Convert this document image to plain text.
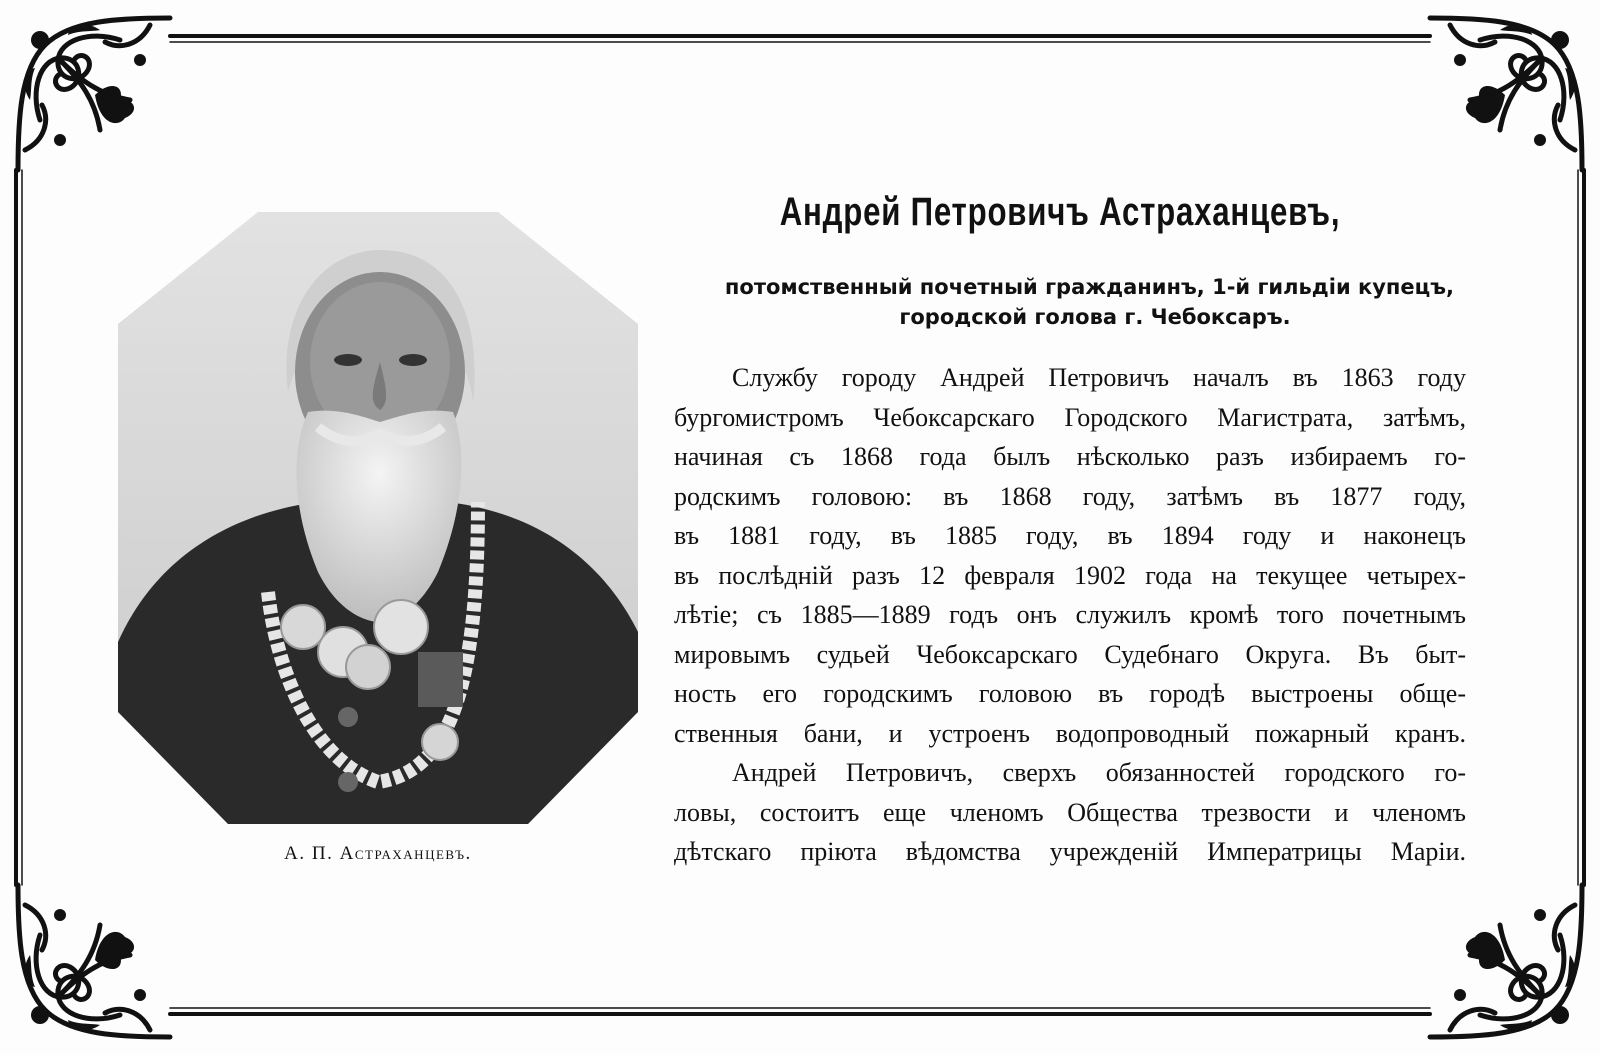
А. П. Астраханцевъ.
Андрей Петровичъ Астраханцевъ,
потомственный почетный гражданинъ, 1-й гильдiи купецъ,
городской голова г. Чебоксаръ.
Службу городу Андрей Петровичъ началъ въ 1863 году
бургомистромъ Чебоксарскаго Городского Магистрата, затѣмъ,
начиная съ 1868 года былъ нѣсколько разъ избираемъ го-
родскимъ головою: въ 1868 году, затѣмъ въ 1877 году,
въ 1881 году, въ 1885 году, въ 1894 году и наконецъ
въ послѣднiй разъ 12 февраля 1902 года на текущее четырех-
лѣтiе; съ 1885—1889 годъ онъ служилъ кромѣ того почетнымъ
мировымъ судьей Чебоксарскаго Судебнаго Округа. Въ быт-
ность его городскимъ головою въ городѣ выстроены обще-
ственныя бани, и устроенъ водопроводный пожарный кранъ.
Андрей Петровичъ, сверхъ обязанностей городского го-
ловы, состоитъ еще членомъ Общества трезвости и членомъ
дѣтскаго прiюта вѣдомства учрежденiй Императрицы Марiи.
